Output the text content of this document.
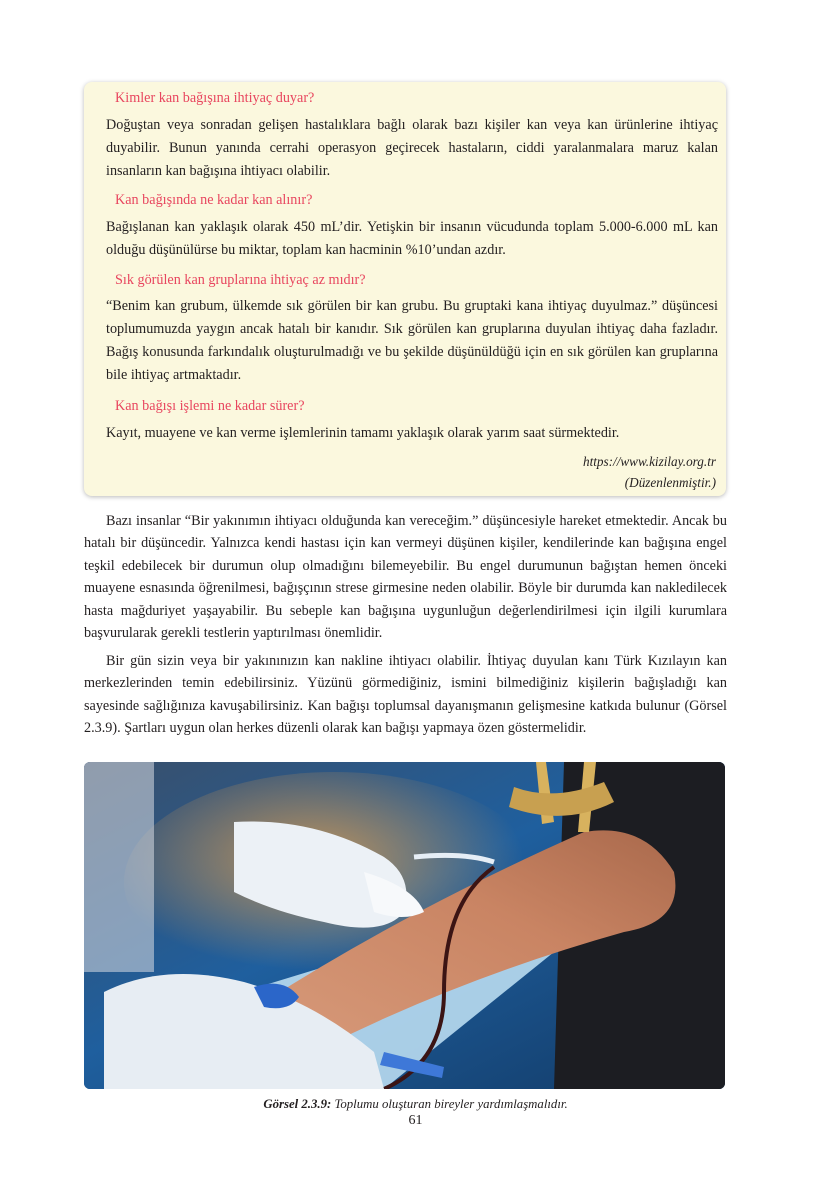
Kimler kan bağışına ihtiyaç duyar?

Doğuştan veya sonradan gelişen hastalıklara bağlı olarak bazı kişiler kan veya kan ürünlerine ihtiyaç duyabilir. Bunun yanında cerrahi operasyon geçirecek hastaların, ciddi yaralanmalara maruz kalan insanların kan bağışına ihtiyacı olabilir.

Kan bağışında ne kadar kan alınır?

Bağışlanan kan yaklaşık olarak 450 mL’dir. Yetişkin bir insanın vücudunda toplam 5.000-6.000 mL kan olduğu düşünülürse bu miktar, toplam kan hacminin %10’undan azdır.

Sık görülen kan gruplarına ihtiyaç az mıdır?

“Benim kan grubum, ülkemde sık görülen bir kan grubu. Bu gruptaki kana ihtiyaç duyulmaz.” düşüncesi toplumumuzda yaygın ancak hatalı bir kanıdır. Sık görülen kan gruplarına duyulan ihtiyaç daha fazladır. Bağış konusunda farkındalık oluşturulmadığı ve bu şekilde düşünüldüğü için en sık görülen kan gruplarına bile ihtiyaç artmaktadır.

Kan bağışı işlemi ne kadar sürer?

Kayıt, muayene ve kan verme işlemlerinin tamamı yaklaşık olarak yarım saat sürmektedir.

https://www.kizilay.org.tr

(Düzenlenmiştir.)

Bazı insanlar “Bir yakınımın ihtiyacı olduğunda kan vereceğim.” düşüncesiyle hareket etmektedir. Ancak bu hatalı bir düşüncedir. Yalnızca kendi hastası için kan vermeyi düşünen kişiler, kendilerinde kan bağışına engel teşkil edebilecek bir durumun olup olmadığını bilemeyebilir. Bu engel durumunun bağıştan hemen önceki muayene esnasında öğrenilmesi, bağışçının strese girmesine neden olabilir. Böyle bir durumda kan nakledilecek hasta mağduriyet yaşayabilir. Bu sebeple kan bağışına uygunluğun değerlendirilmesi için ilgili kurumlara başvurularak gerekli testlerin yaptırılması önemlidir.

Bir gün sizin veya bir yakınınızın kan nakline ihtiyacı olabilir. İhtiyaç duyulan kanı Türk Kızılayın kan merkezlerinden temin edebilirsiniz. Yüzünü görmediğiniz, ismini bilmediğiniz kişilerin bağışladığı kan sayesinde sağlığınıza kavuşabilirsiniz. Kan bağışı toplumsal dayanışmanın gelişmesine katkıda bulunur (Görsel 2.3.9). Şartları uygun olan herkes düzenli olarak kan bağışı yapmaya özen göstermelidir.

Görsel 2.3.9: Toplumu oluşturan bireyler yardımlaşmalıdır.

61
